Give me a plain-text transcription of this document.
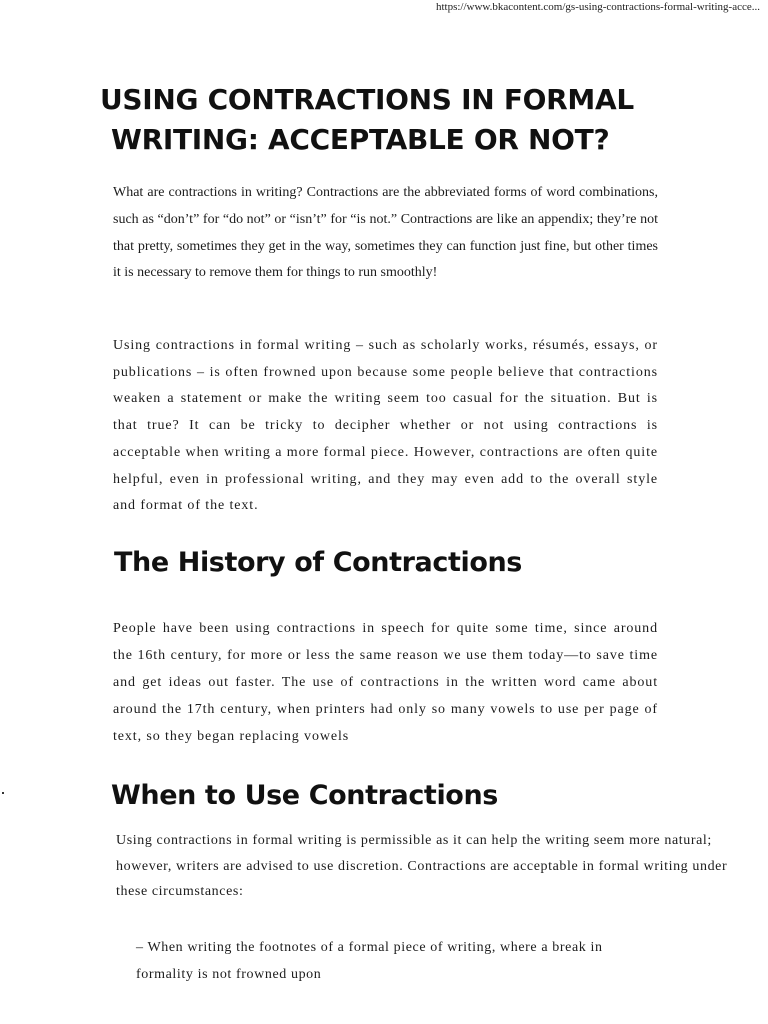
https://www.bkacontent.com/gs-using-contractions-formal-writing-acce...
USING CONTRACTIONS IN FORMAL
WRITING: ACCEPTABLE OR NOT?

What are contractions in writing? Contractions are the abbreviated forms of word combinations, such as “don’t” for “do not” or “isn’t” for “is not.” Contractions are like an appendix; they’re not that pretty, sometimes they get in the way, sometimes they can function just fine, but other times it is necessary to remove them for things to run smoothly!

Using contractions in formal writing – such as scholarly works, résumés, essays, or publications – is often frowned upon because some people believe that contractions weaken a statement or make the writing seem too casual for the situation. But is that true? It can be tricky to decipher whether or not using contractions is acceptable when writing a more formal piece. However, contractions are often quite helpful, even in professional writing, and they may even add to the overall style and format of the text.

The History of Contractions

People have been using contractions in speech for quite some time, since around the 16th century, for more or less the same reason we use them today—to save time and get ideas out faster. The use of contractions in the written word came about around the 17th century, when printers had only so many vowels to use per page of text, so they began replacing vowels

When to Use Contractions

Using contractions in formal writing is permissible as it can help the writing seem more natural; however, writers are advised to use discretion. Contractions are acceptable in formal writing under these circumstances:

– When writing the footnotes of a formal piece of writing, where a break in formality is not frowned upon
